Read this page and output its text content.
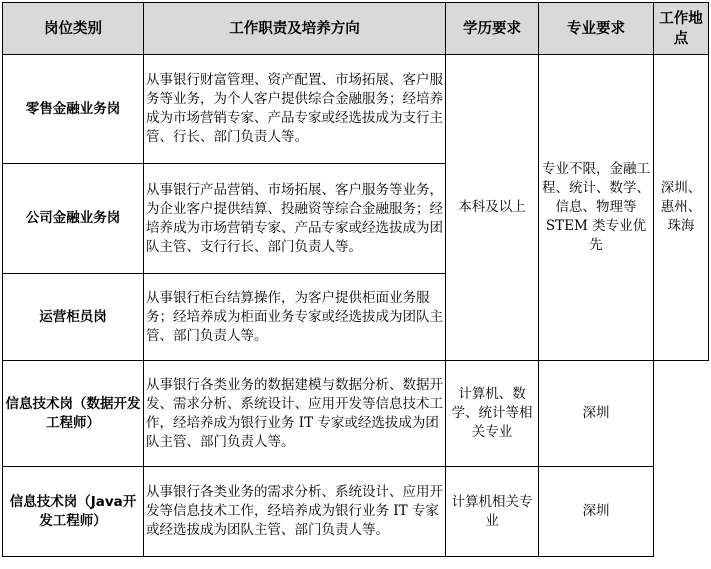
岗位类别	工作职责及培养方向	学历要求	专业要求	工作地点
零售金融业务岗	从事银行财富管理、资产配置、市场拓展、客户服务等业务，为个人客户提供综合金融服务；经培养成为市场营销专家、产品专家或经选拔成为支行主管、行长、部门负责人等。	本科及以上	专业不限，金融工程、统计、数学、信息、物理等 STEM 类专业优先	深圳、惠州、珠海
公司金融业务岗	从事银行产品营销、市场拓展、客户服务等业务，为企业客户提供结算、投融资等综合金融服务；经培养成为市场营销专家、产品专家或经选拔成为团队主管、支行行长、部门负责人等。			
运营柜员岗	从事银行柜台结算操作，为客户提供柜面业务服务；经培养成为柜面业务专家或经选拔成为团队主管、部门负责人等。			
信息技术岗（数据开发工程师）	从事银行各类业务的数据建模与数据分析、数据开发、需求分析、系统设计、应用开发等信息技术工作，经培养成为银行业务 IT 专家或经选拔成为团队主管、部门负责人等。	计算机、数学、统计等相关专业	深圳	
信息技术岗（Java开发工程师）	从事银行各类业务的需求分析、系统设计、应用开发等信息技术工作，经培养成为银行业务 IT 专家或经选拔成为团队主管、部门负责人等。	计算机相关专业	深圳	
